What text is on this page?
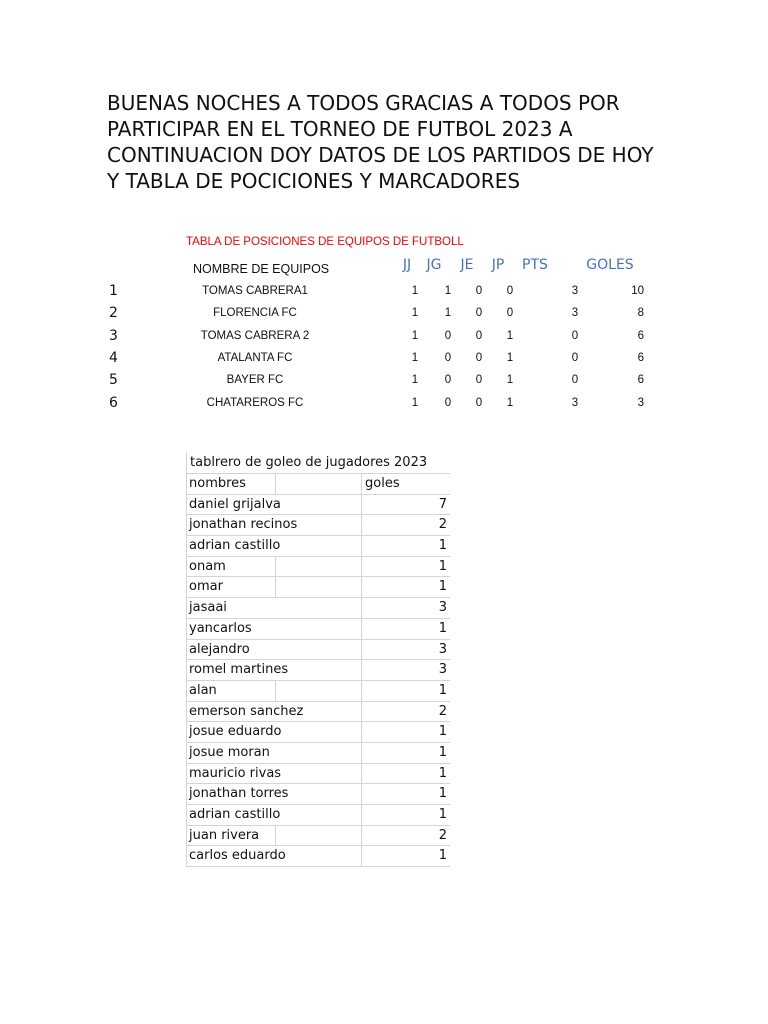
BUENAS NOCHES A TODOS GRACIAS A TODOS POR
PARTICIPAR EN EL TORNEO DE FUTBOL 2023 A
CONTINUACION DOY DATOS DE LOS PARTIDOS DE HOY
Y TABLA DE POCICIONES Y MARCADORES
TABLA DE POSICIONES DE EQUIPOS DE FUTBOLL
NOMBRE DE EQUIPOS	JJ JG JE JP PTS	GOLES
1	TOMAS CABRERA1	1 1 0 0	3	10
2	FLORENCIA FC	1 1 0 0	3	8
3	TOMAS CABRERA 2	1 0 0 1	0	6
4	ATALANTA FC	1 0 0 1	0	6
5	BAYER FC	1 0 0 1	0	6
6	CHATAREROS FC	1 0 0 1	3	3
tablrero de goleo de jugadores 2023
nombres	goles
daniel grijalva	7
jonathan recinos	2
adrian castillo	1
onam	1
omar	1
jasaai	3
yancarlos	1
alejandro	3
romel martines	3
alan	1
emerson sanchez	2
josue eduardo	1
josue moran	1
mauricio rivas	1
jonathan torres	1
adrian castillo	1
juan rivera	2
carlos eduardo	1
